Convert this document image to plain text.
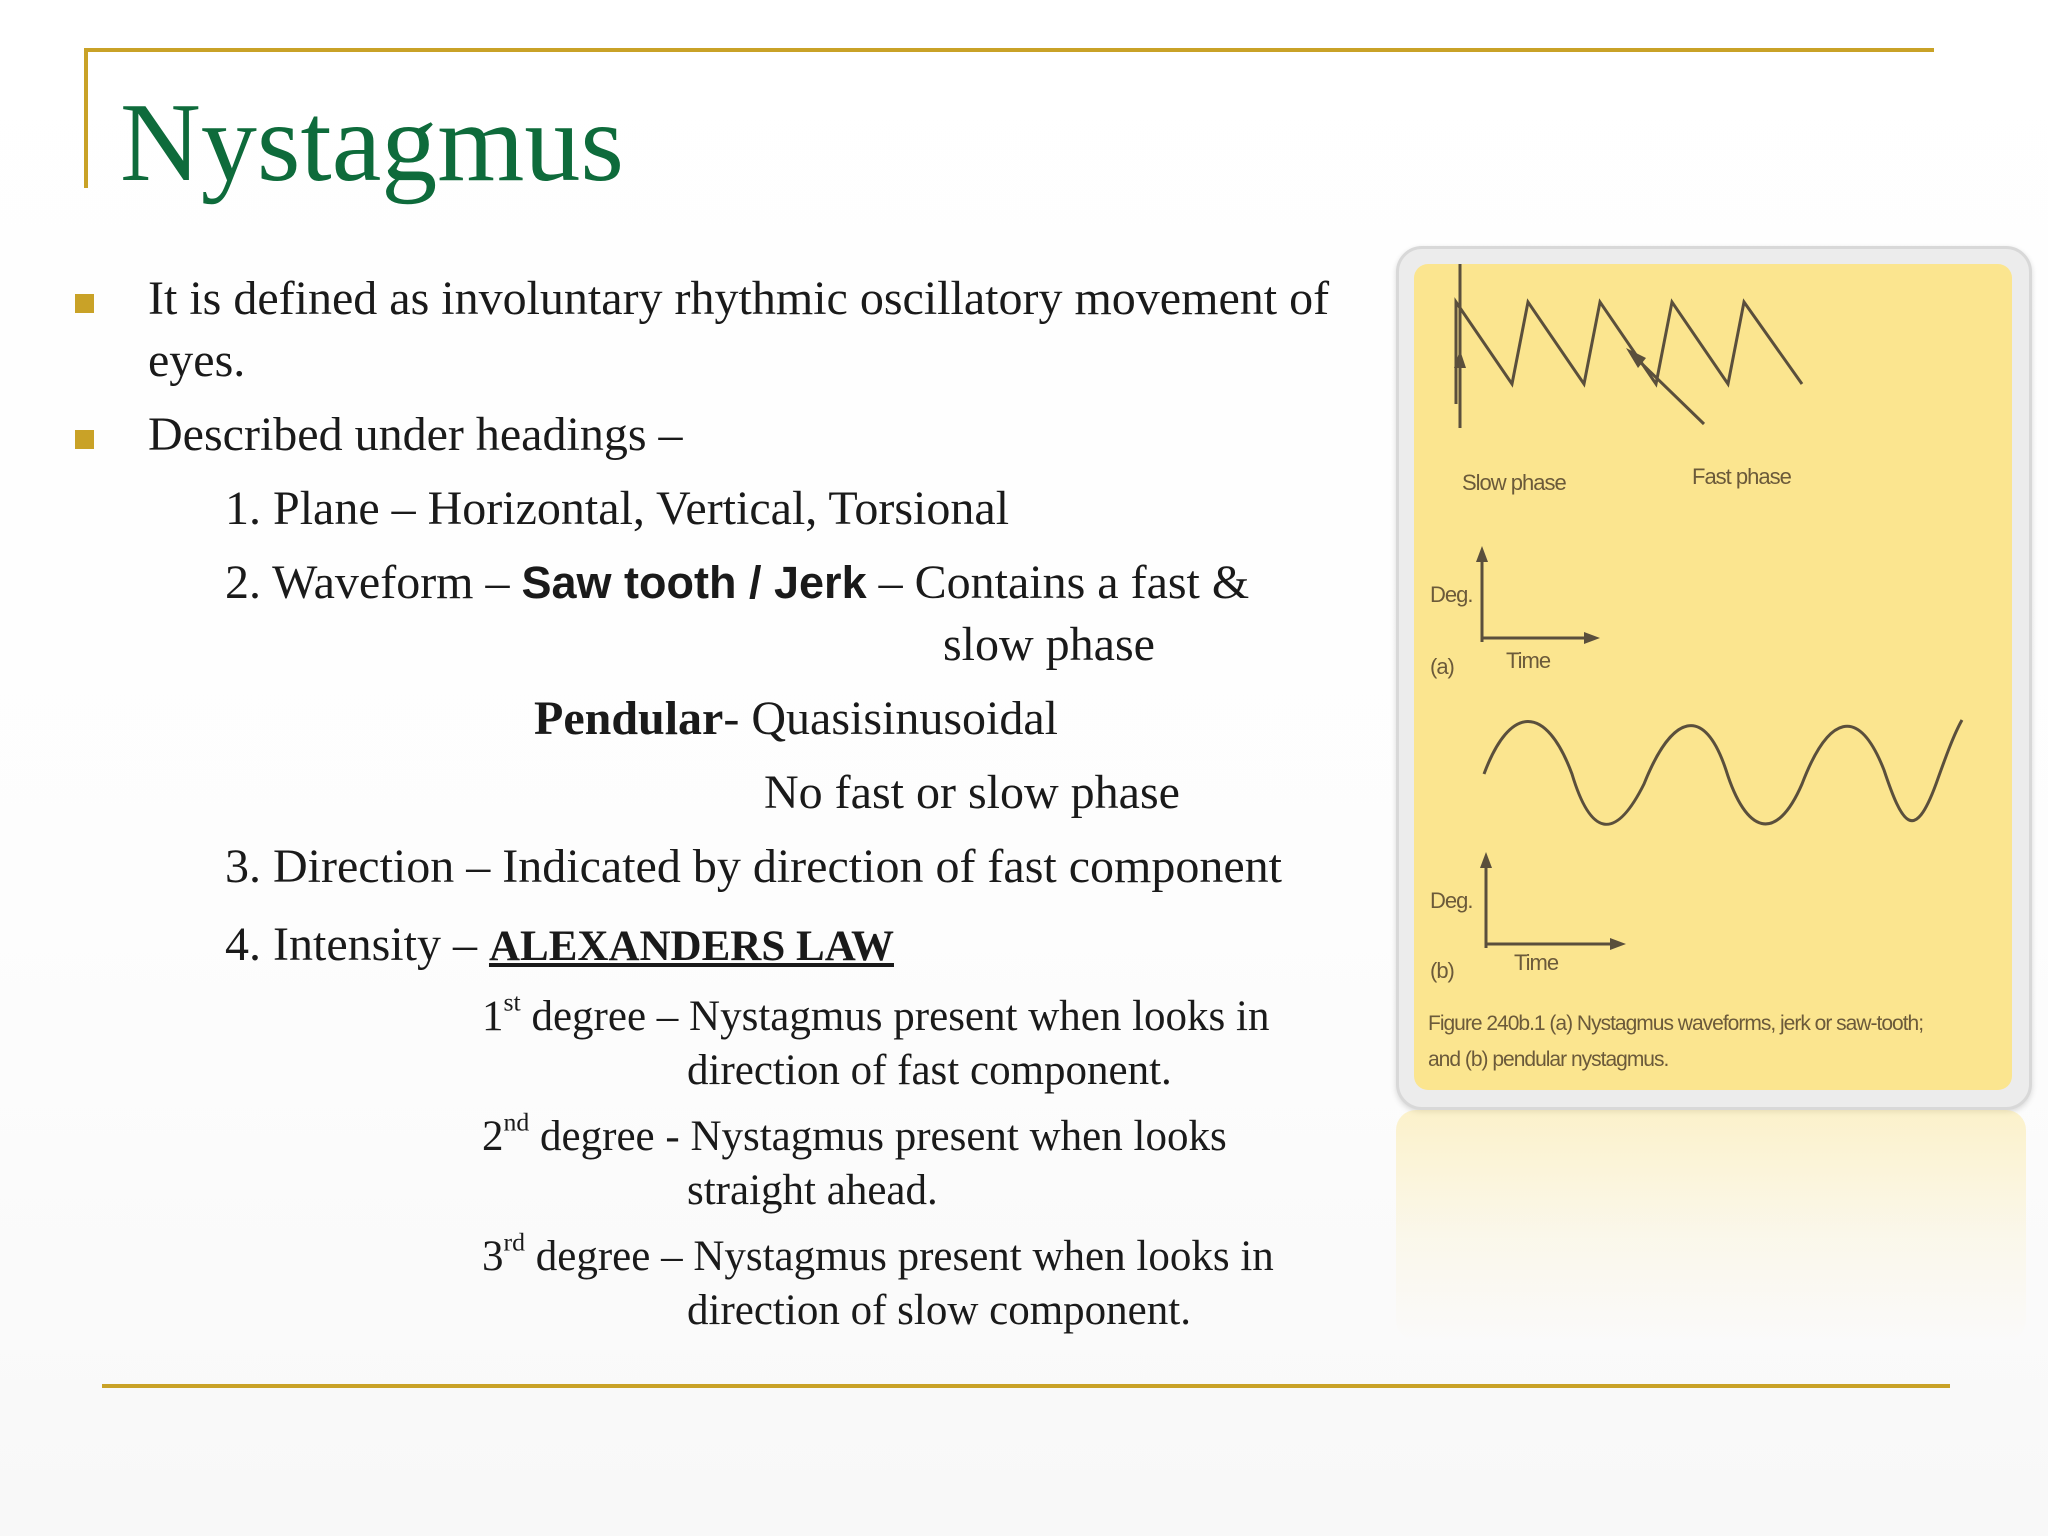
Nystagmus
It is defined as involuntary rhythmic oscillatory movement of
eyes.
Described under headings –
1. Plane – Horizontal, Vertical, Torsional
2. Waveform – Saw tooth / Jerk – Contains a fast &
slow phase
Pendular- Quasisinusoidal
No fast or slow phase
3. Direction – Indicated by direction of fast component
4. Intensity – ALEXANDERS LAW
1st degree – Nystagmus present when looks in
direction of fast component.
2nd degree - Nystagmus present when looks
straight ahead.
3rd degree – Nystagmus present when looks in
direction of slow component.
Slow phase	Fast phase
Deg.
Time
(a)
Deg.
Time
(b)
Figure 240b.1 (a) Nystagmus waveforms, jerk or saw-tooth;
and (b) pendular nystagmus.
